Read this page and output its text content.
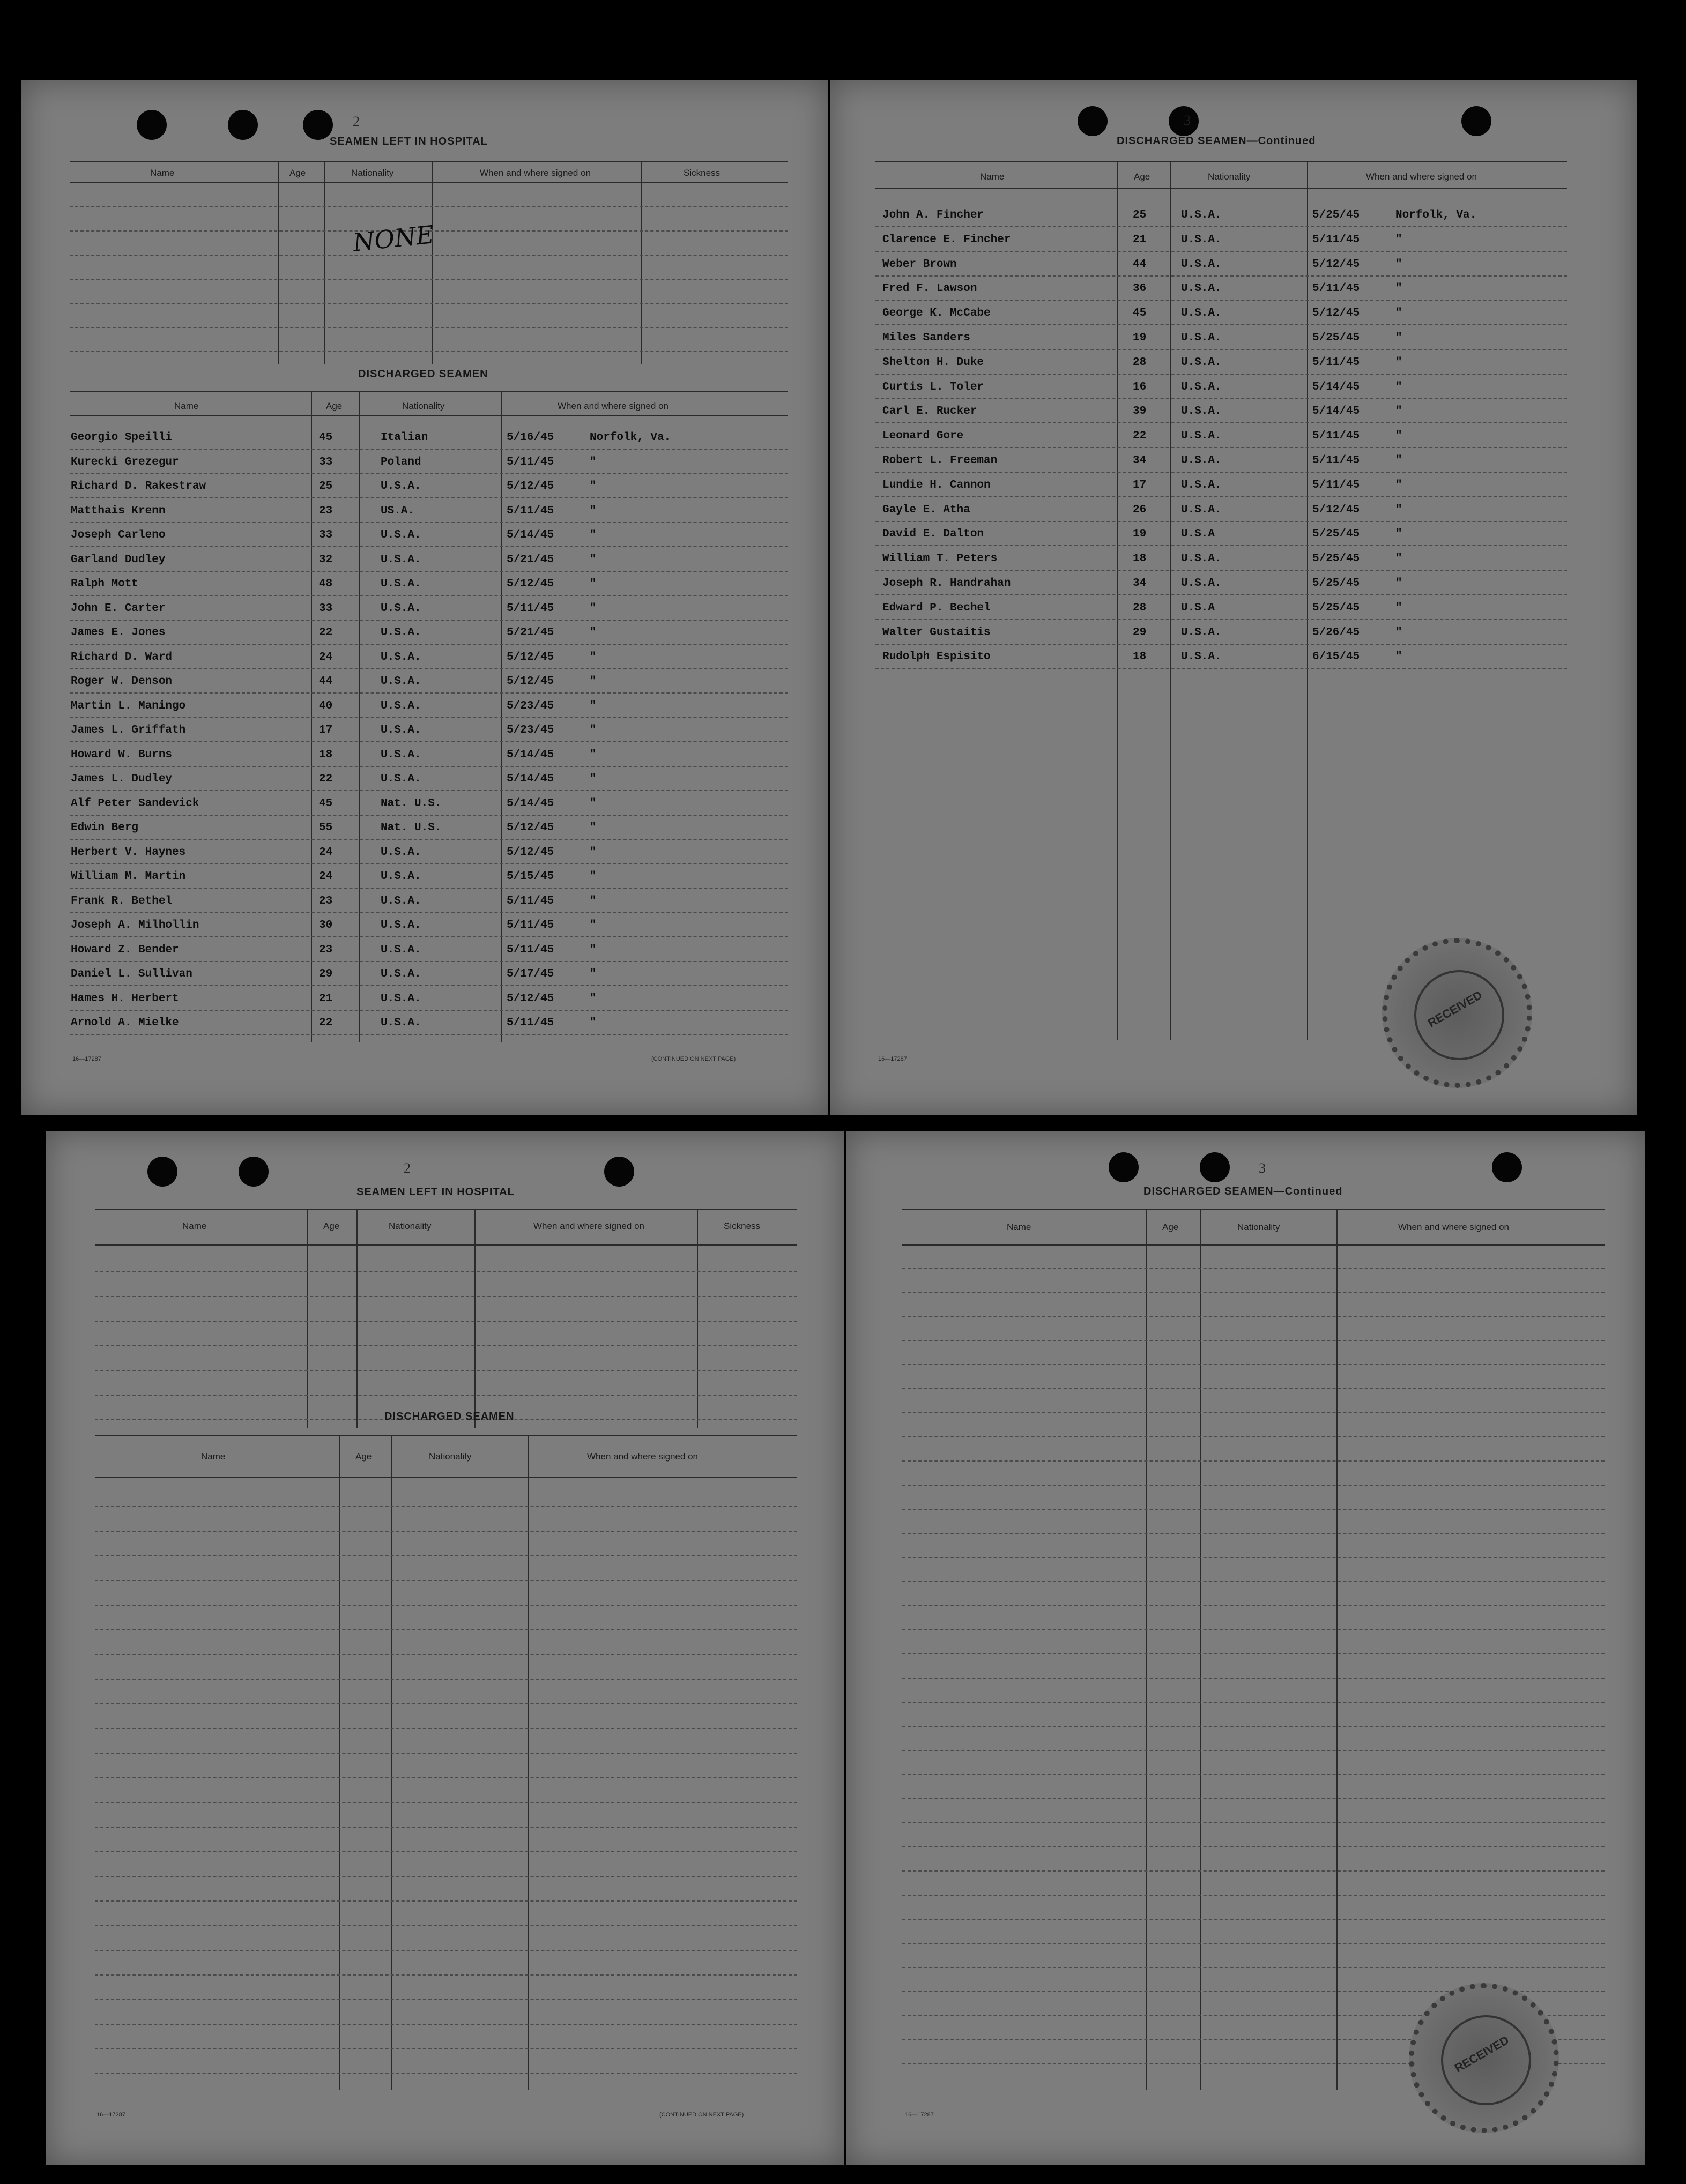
2
SEAMEN LEFT IN HOSPITAL
Name	Age	Nationality	When and where signed on	Sickness
NONE
DISCHARGED SEAMEN
Name	Age	Nationality	When and where signed on
Georgio Speilli	45	Italian	5/16/45	Norfolk, Va.
Kurecki Grezegur	33	Poland	5/11/45	"
Richard D. Rakestraw	25	U.S.A.	5/12/45	"
Matthais Krenn	23	US.A.	5/11/45	"
Joseph Carleno	33	U.S.A.	5/14/45	"
Garland Dudley	32	U.S.A.	5/21/45	"
Ralph Mott	48	U.S.A.	5/12/45	"
John E. Carter	33	U.S.A.	5/11/45	"
James E. Jones	22	U.S.A.	5/21/45	"
Richard D. Ward	24	U.S.A.	5/12/45	"
Roger W. Denson	44	U.S.A.	5/12/45	"
Martin L. Maningo	40	U.S.A.	5/23/45	"
James L. Griffath	17	U.S.A.	5/23/45	"
Howard W. Burns	18	U.S.A.	5/14/45	"
James L. Dudley	22	U.S.A.	5/14/45	"
Alf Peter Sandevick	45	Nat. U.S.	5/14/45	"
Edwin Berg	55	Nat. U.S.	5/12/45	"
Herbert V. Haynes	24	U.S.A.	5/12/45	"
William M. Martin	24	U.S.A.	5/15/45	"
Frank R. Bethel	23	U.S.A.	5/11/45	"
Joseph A. Milhollin	30	U.S.A.	5/11/45	"
Howard Z. Bender	23	U.S.A.	5/11/45	"
Daniel L. Sullivan	29	U.S.A.	5/17/45	"
Hames H. Herbert	21	U.S.A.	5/12/45	"
Arnold A. Mielke	22	U.S.A.	5/11/45	"
16—17287	(CONTINUED ON NEXT PAGE)
3
DISCHARGED SEAMEN—Continued
Name	Age	Nationality	When and where signed on
John A. Fincher	25	U.S.A.	5/25/45	Norfolk, Va.
Clarence E. Fincher	21	U.S.A.	5/11/45	"
Weber Brown	44	U.S.A.	5/12/45	"
Fred F. Lawson	36	U.S.A.	5/11/45	"
George K. McCabe	45	U.S.A.	5/12/45	"
Miles Sanders	19	U.S.A.	5/25/45	"
Shelton H. Duke	28	U.S.A.	5/11/45	"
Curtis L. Toler	16	U.S.A.	5/14/45	"
Carl E. Rucker	39	U.S.A.	5/14/45	"
Leonard Gore	22	U.S.A.	5/11/45	"
Robert L. Freeman	34	U.S.A.	5/11/45	"
Lundie H. Cannon	17	U.S.A.	5/11/45	"
Gayle E. Atha	26	U.S.A.	5/12/45	"
David E. Dalton	19	U.S.A	5/25/45	"
William T. Peters	18	U.S.A.	5/25/45	"
Joseph R. Handrahan	34	U.S.A.	5/25/45	"
Edward P. Bechel	28	U.S.A	5/25/45	"
Walter Gustaitis	29	U.S.A.	5/26/45	"
Rudolph Espisito	18	U.S.A.	6/15/45	"
RECEIVED
16—17287
2
SEAMEN LEFT IN HOSPITAL
Name	Age	Nationality	When and where signed on	Sickness
DISCHARGED SEAMEN
Name	Age	Nationality	When and where signed on
16—17287	(CONTINUED ON NEXT PAGE)
3
DISCHARGED SEAMEN—Continued
Name	Age	Nationality	When and where signed on
RECEIVED
16—17287
